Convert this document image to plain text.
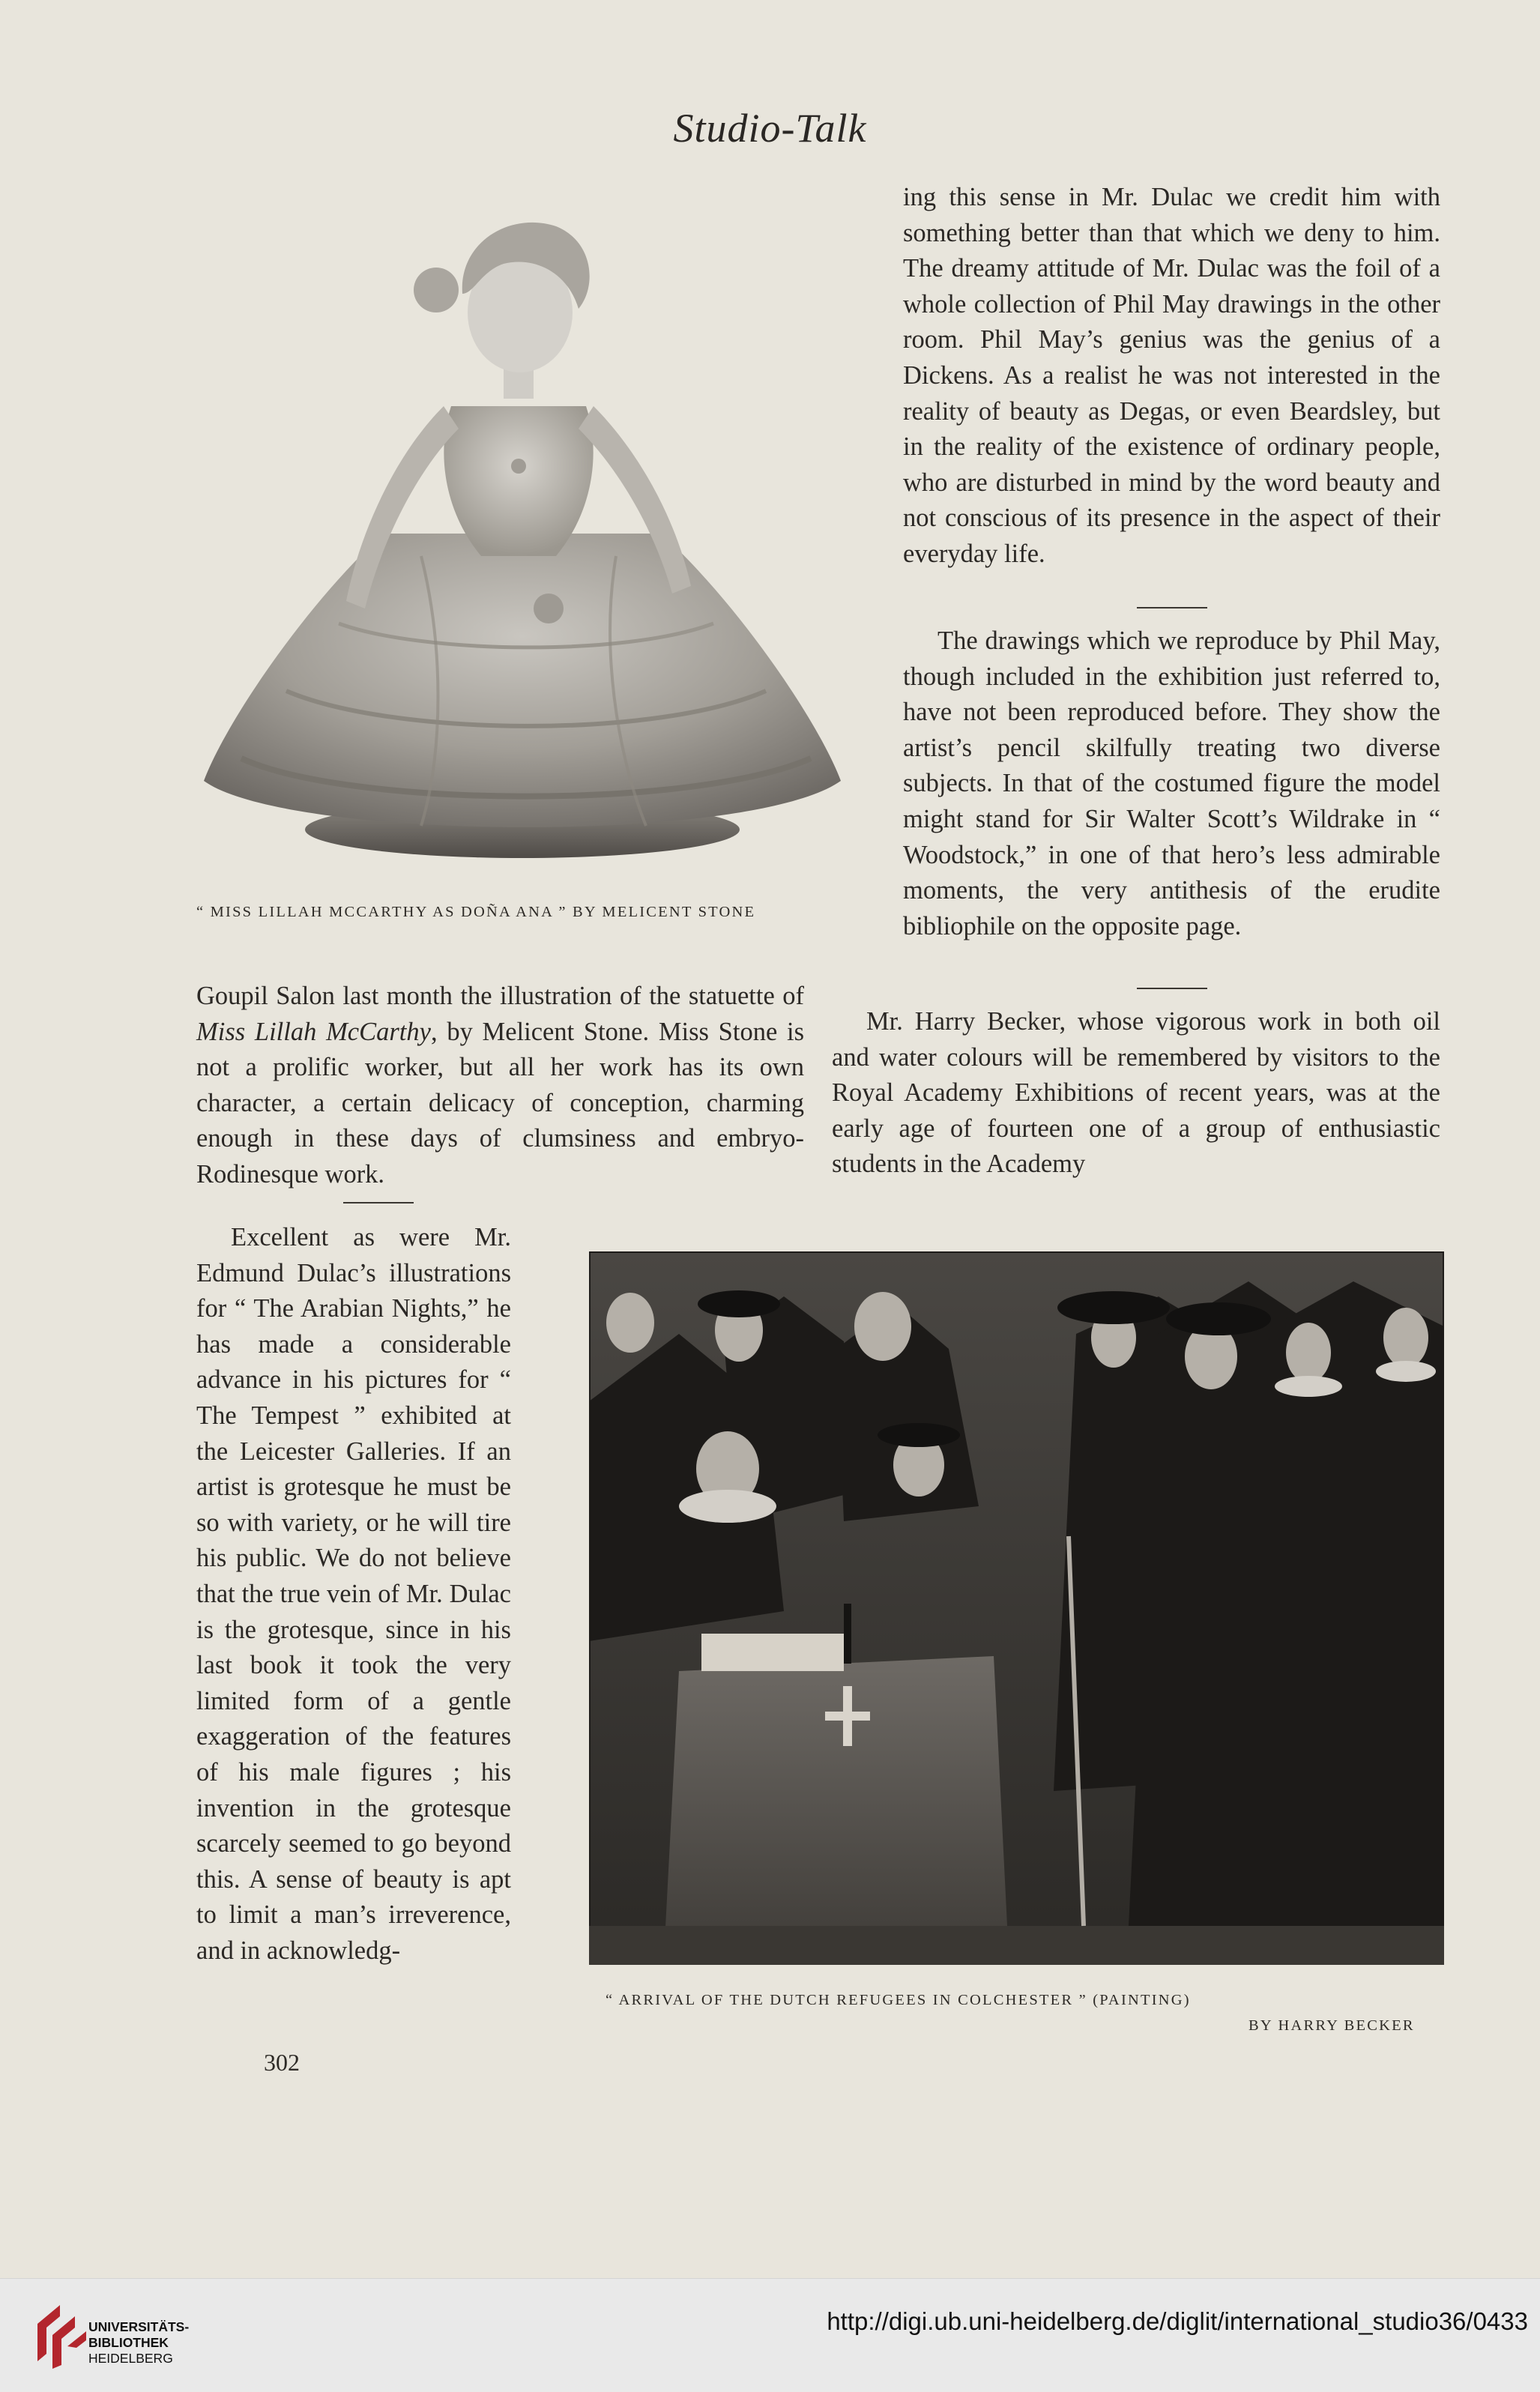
Studio-Talk
“ MISS LILLAH MCCARTHY AS DOÑA ANA ” BY MELICENT STONE

ing this sense in Mr. Dulac we credit him with something better than that which we deny to him. The dreamy attitude of Mr. Dulac was the foil of a whole collection of Phil May drawings in the other room. Phil May’s genius was the genius of a Dickens. As a realist he was not interested in the reality of beauty as Degas, or even Beardsley, but in the reality of the existence of ordinary people, who are disturbed in mind by the word beauty and not conscious of its presence in the aspect of their everyday life.

The drawings which we reproduce by Phil May, though included in the exhibition just referred to, have not been reproduced before. They show the artist’s pencil skilfully treating two diverse subjects. In that of the costumed figure the model might stand for Sir Walter Scott’s Wildrake in “ Woodstock,” in one of that hero’s less admirable moments, the very antithesis of the erudite bibliophile on the opposite page.

Mr. Harry Becker, whose vigorous work in both oil and water colours will be remembered by visitors to the Royal Academy Exhibitions of recent years, was at the early age of fourteen one of a group of enthusiastic students in the Academy

Goupil Salon last month the illustration of the statuette of Miss Lillah McCarthy, by Melicent Stone. Miss Stone is not a prolific worker, but all her work has its own character, a certain delicacy of conception, charming enough in these days of clumsiness and embryo-Rodinesque work.

Excellent as were Mr. Edmund Dulac’s illustrations for “ The Arabian Nights,” he has made a considerable advance in his pictures for “ The Tempest ” exhibited at the Leicester Galleries. If an artist is grotesque he must be so with variety, or he will tire his public. We do not believe that the true vein of Mr. Dulac is the grotesque, since in his last book it took the very limited form of a gentle exaggeration of the features of his male figures ; his invention in the grotesque scarcely seemed to go beyond this. A sense of beauty is apt to limit a man’s irreverence, and in acknowledg-

“ ARRIVAL OF THE DUTCH REFUGEES IN COLCHESTER ” (PAINTING)
BY HARRY BECKER
302
UNIVERSITÄTS-
BIBLIOTHEK
HEIDELBERG
http://digi.ub.uni-heidelberg.de/diglit/international_studio36/0433
